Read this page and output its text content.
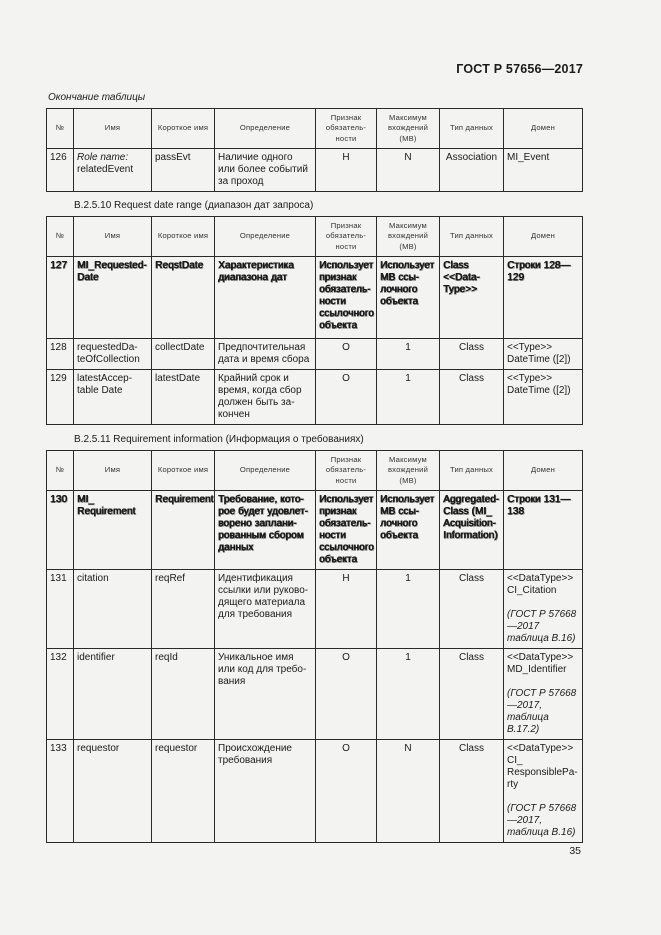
ГОСТ Р 57656—2017
Окончание таблицы
№	Имя	Короткое имя	Определение	Признак обязатель-ности	Максимум вхождений (МВ)	Тип данных	Домен
126	Role name:
relatedEvent	passEvt	Наличие одного или более событий за проход	Н	N	Association	MI_Event
B.2.5.10 Request date range (диапазон дат запроса)
№	Имя	Короткое имя	Определение	Признак обязатель-ности	Максимум вхождений (МВ)	Тип данных	Домен
127	MI_Requested-Date	ReqstDate	Характеристика диапазона дат	Использует признак обязатель-ности ссылочного объекта	Использует МВ ссы-лочного объекта	Class <<Data-Type>>	Строки 128—129
128	requestedDa-teOfCollection	collectDate	Предпочтительная дата и время сбора	О	1	Class	<<Type>>
DateTime ([2])
129	latestAccep-table Date	latestDate	Крайний срок и время, когда сбор должен быть за-кончен	О	1	Class	<<Type>>
DateTime ([2])
B.2.5.11 Requirement information (Информация о требованиях)
№	Имя	Короткое имя	Определение	Признак обязатель-ности	Максимум вхождений (МВ)	Тип данных	Домен
130	MI_ Requirement	Requirement	Требование, кото-рое будет удовлет-ворено заплани-рованным сбором данных	Использует признак обязатель-ности ссылочного объекта	Использует МВ ссы-лочного объекта	Aggregated-Class (MI_ Acquisition-Information)	Строки 131—138
131	citation	reqRef	Идентификация ссылки или руково-дящего материала для требования	Н	1	Class	<<DataType>>
CI_Citation
(ГОСТ Р 57668—2017 таблица B.16)
132	identifier	reqId	Уникальное имя или код для требо-вания	О	1	Class	<<DataType>>
MD_Identifier
(ГОСТ Р 57668—2017, таблица B.17.2)
133	requestor	requestor	Происхождение требования	О	N	Class	<<DataType>>
CI_ ResponsiblePa-rty
(ГОСТ Р 57668—2017, таблица B.16)
35
